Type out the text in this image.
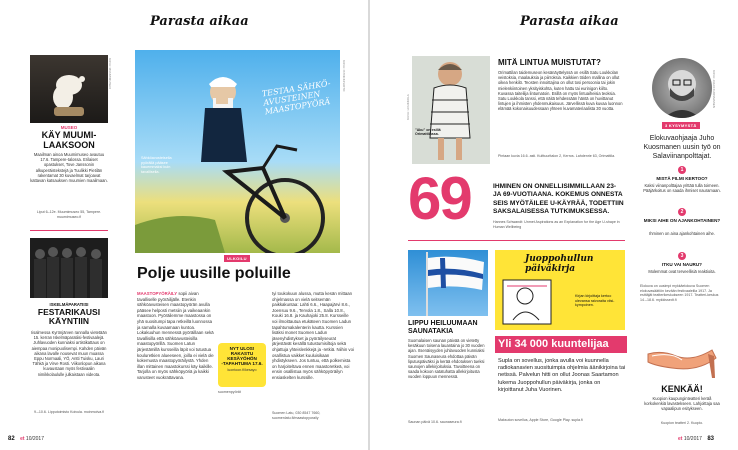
Parasta aikaa
KUVA: MUUMIMUSEO
MUSEO
KÄY MUUMI-LAAKSOON
Maailman ainoa Muumimuseo avautuu 17.6. Tampere-talossa. Erilaiset opastukset, Tove Janssonin alkuperäistekstejä ja Tuulikki Pietilän rakentamat 30 kuvaelmat tarjoavat kattavan katsauksen muumien maailmaan.
Liput 6–12e. Muumimuseo 55, Tampere. muumimuseo.fi
ISKELMÄPARATIISI
FESTARIKAUSI KÄYNTIIN
Iisalmessa Kyrönjärven rannalla vietetään 15. kerran Iskelmäparatiisi-festivaalejä. Juhlavuoden kunniaksi artistikattaus on aiempaa monipuolisempi. Kahden päivän aikana lavalle nousevat muun muassa Eppu Normaali, YÖ, Antti Tuisku, Lauri Tähkä ja Virve Rosti. Viikonlopun aikana kuvaustaan myös festivaalin nimikkolaululle julkaistaan videota.
9.–10.6. Lipputoimisto Koivula. moinmoiva.fi
TESTAA SÄHKÖ-AVUSTEINEN MAASTOPYÖRÄ
Sähköavusteisella pyörällä pääsee kauemmaksi kuin tavallisella.
KUVA: ISTOCKPHOTO
ULKOILU
Polje uusille poluille
MAASTOPYÖRÄILY sopii aivan tavalliselle pyöräilijälle. Etenkin sähköavusteisen maastopyörän avulla pääsee helposti metsiin ja vaikeaankin maastoon. Pyöräilemme maastossa on yhä suositumpi tapa retkeillä luonnossa ja samalla kuvaamaan kuntoa. Lokakuuhun mennessä pyöräillaan sekä tavallisilla että sähköavusteisilla maastopyörillä. Suomen Latun järjestämillä kursseilla läpit voi tutustua kouluretkien alueeseen, joilla ei vielä ole kokemusta maastopyöräilystä. Yhden illan mittainen maastokurssi käy kaikille. Tarjolla on myös sähköpyöriä ja kaikki varusteet vuokrattavana.
NYT ULOS!
RAKASTU KESÄYÖHÖN
-TAPAHTUMA 17.6.
luontoon.fi/kesayo
suomenpyörät
tyi toukokuun alussa, mutta kesän mittaan ohjelmassa on vielä seitsemän paikkakuntaa: Lahti 6.6., Haapajärvi 8.6., Joensuu 9.6., Tervola 1.8., Salla 10.8., Kouki 16.8. ja Kauhajoki 25.8. Kursseille voi ilmoittautua etukäteen Suomen Ladun tapahtumakalenterin kautta. Kurssien lisäksi monet Suomen Ladun jäsenyhdistykset ja pyöräilyseurat järjestävät kesällä tutustumisiltoja sekä ohjattuja yhteislenkkejä ja -retkiä. Niihin voi osallistua vaikket kuuluisikaan yhdistykseen. Jos tuntuu, että polkemista on harjoiteltava ennen maastoretkeä, voi ensin osallistua myös sähköpyöräilyn ensiaskelten kurssille.
Suomen Latu, 030 8547 7660, suomenlatu.fi/maastopyoraily
82 et 10/2017
Parasta aikaa
"Aku" on esillä Orimattilassa.
KUVA: LOUKKOLA
MITÄ LINTUA MUISTUTAT?
Orimattilan taidemuseon kesänäyttelyssä on esillä Satu Loukkolan veistoksia, maalauksia ja piirroksia. Kaikkien töiden mallina on ollut oikea henkilö. Teosten innoittajina on ollut tosi persoonia tai jokin mielenkiintoinen yksityiskohta, kuten hattu tai eurinigon kiilto. Kuvassa taiteilija lintumatoin. Esillä on myös lintuaiheisia teoksia. Satu Loukkola tanssi, että näitä tehdessään häntä on huvittanut lintujen ja ihmisten yhdenmukaisuus. Järvellissä kuva kuvaa luonnon elämää kokonaisuudessaan yhteen kuvamateriaalista 30 vuotta.
Pintaan kuvia 16.6. asti. Kulttuuritalon 2, Kerros. Lahdenrie 63, Orimattila.
69	IHMINEN ON ONNELLISIMMILLAAN 23- JA 69-VUOTIAANA. KOKEMUS ONNESTA SEIS MYÖTÄILEE U-KÄYRÄÄ, TODETTIIN SAKSALAISESSA TUTKIMUKSESSA.
Hannes Schwandt: Unmet Aspirations as an Explanation for the Age U-shape in Human Wellbeing
LIPPU HEILUUMAAN SAUNATAKIA
Suomalaisen saunan päivää on vietetty kesäkuun toisena lauantaina jo 30 vuoden ajan. Itsenäisyyden juhlavuoden kunniaksi Suomen Saunaseura ehdottaa päivän liputuspäiväksi ja kerää ehdotuksen tueksi saunojen allekirjoituksia. Tavoitteena on saada kokoon satatuhatta allekirjoitusta vuoden loppuun mennessä.
Saunan päivä 10.6. saunaseura.fi
Juoppohullun päiväkirja
Kirjan kirjoittaja kertoo ulevansa raivoraita viisi-kympoinen.
Yli 34 000 kuuntelijaa
Supla on sovellus, jonka avulla voi kuunnella radiokanavien suosituimpia ohjelmia äänikirjoina tai netissä. Palvelun hitti on ollut Joonas Saartamon lukema Juoppohullun päiväkirja, jonka on kirjoittanut Juha Vuorinen.
Maksuton sovellus, Apple Store, Google Play. supla.fi
KUVA: JUHO KUOSMANEN
3 KYSYMYSTÄ
Elokuvaohjaaja Juho Kuosmanen uusin työ on Salaviinanpolttajat.
1
MISTÄ FILMI KERTOO?
Kaksi viinanpolttajaa yrittää tulla toimeen. Pääjärkoitus on saada ihmiset nauramaan.
2
MIKSI AIHE ON AJANKOHTAINEN?
Ihminen on aina ajankohtainen aihe.
3
ITKU VAI NAURU?
Molemmat ovat terveellisiä reaktioita.
Elokuva on uusimpi mykkäelokuva Suomen elokuvasäätiön kevään festivaaleilla 1917. Ja esittäjät teatterikeskukseen 1917. Teatteri-keskus 14.–18.6. mykkissedt.fi
KENKÄÄ!
Kuopion kaupunginteatteri keräå korkokenkiä lavastekseen. Lahjoittaja saa vapaalipun esitykseen.
Kuopion teatteri 2. Kuopio.
et 10/2017 83
